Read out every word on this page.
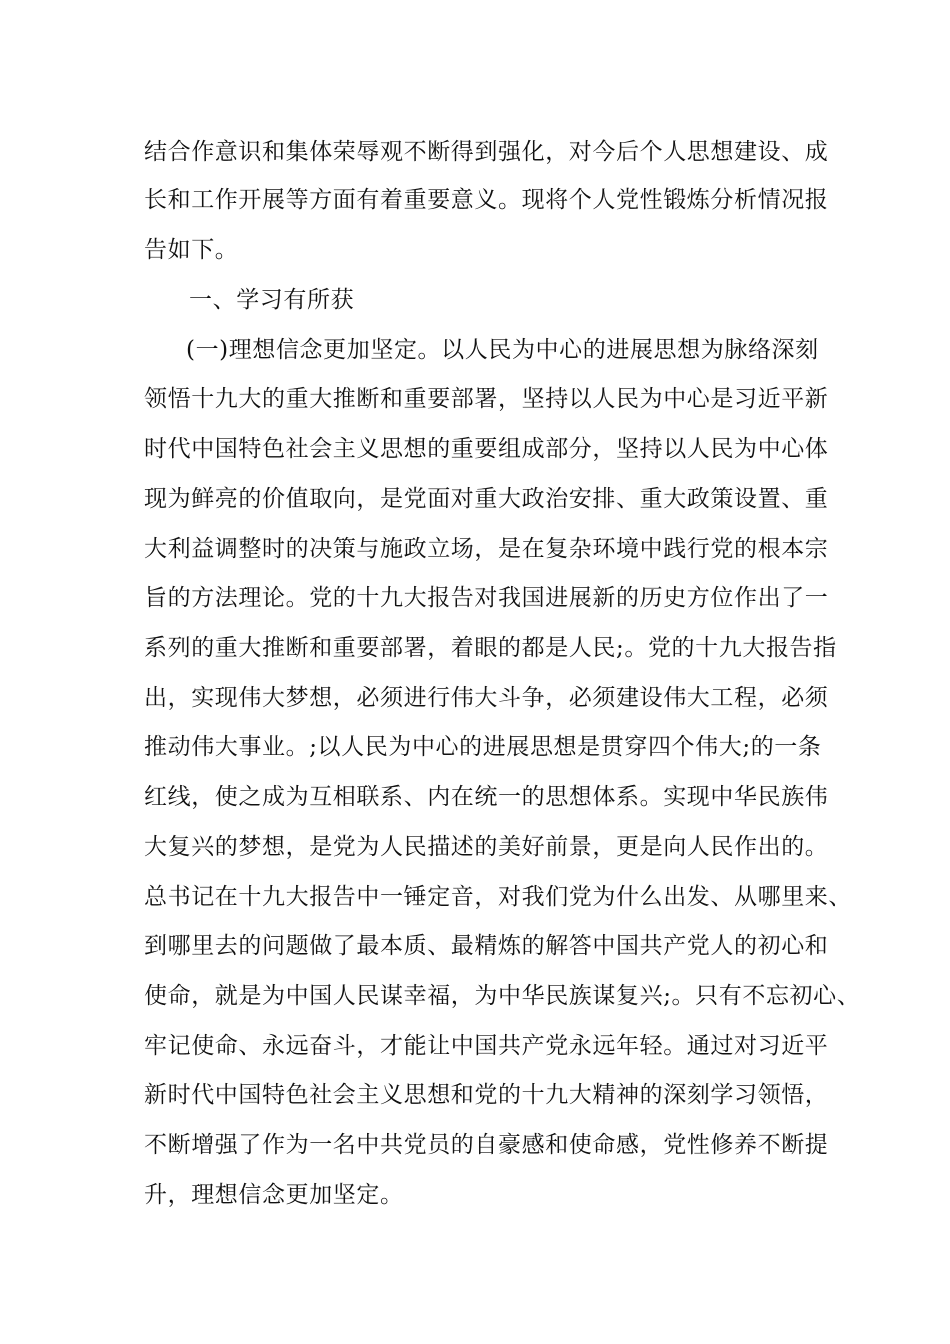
结合作意识和集体荣辱观不断得到强化，对今后个人思想建设、成
长和工作开展等方面有着重要意义。现将个人党性锻炼分析情况报
告如下。
一、学习有所获
(一)理想信念更加坚定。以人民为中心的进展思想为脉络深刻
领悟十九大的重大推断和重要部署，坚持以人民为中心是习近平新
时代中国特色社会主义思想的重要组成部分，坚持以人民为中心体
现为鲜亮的价值取向，是党面对重大政治安排、重大政策设置、重
大利益调整时的决策与施政立场，是在复杂环境中践行党的根本宗
旨的方法理论。党的十九大报告对我国进展新的历史方位作出了一
系列的重大推断和重要部署，着眼的都是人民;。党的十九大报告指
出，实现伟大梦想，必须进行伟大斗争，必须建设伟大工程，必须
推动伟大事业。;以人民为中心的进展思想是贯穿四个伟大;的一条
红线，使之成为互相联系、内在统一的思想体系。实现中华民族伟
大复兴的梦想，是党为人民描述的美好前景，更是向人民作出的。
总书记在十九大报告中一锤定音，对我们党为什么出发、从哪里来、
到哪里去的问题做了最本质、最精炼的解答中国共产党人的初心和
使命，就是为中国人民谋幸福，为中华民族谋复兴;。只有不忘初心、
牢记使命、永远奋斗，才能让中国共产党永远年轻。通过对习近平
新时代中国特色社会主义思想和党的十九大精神的深刻学习领悟，
不断增强了作为一名中共党员的自豪感和使命感，党性修养不断提
升，理想信念更加坚定。
